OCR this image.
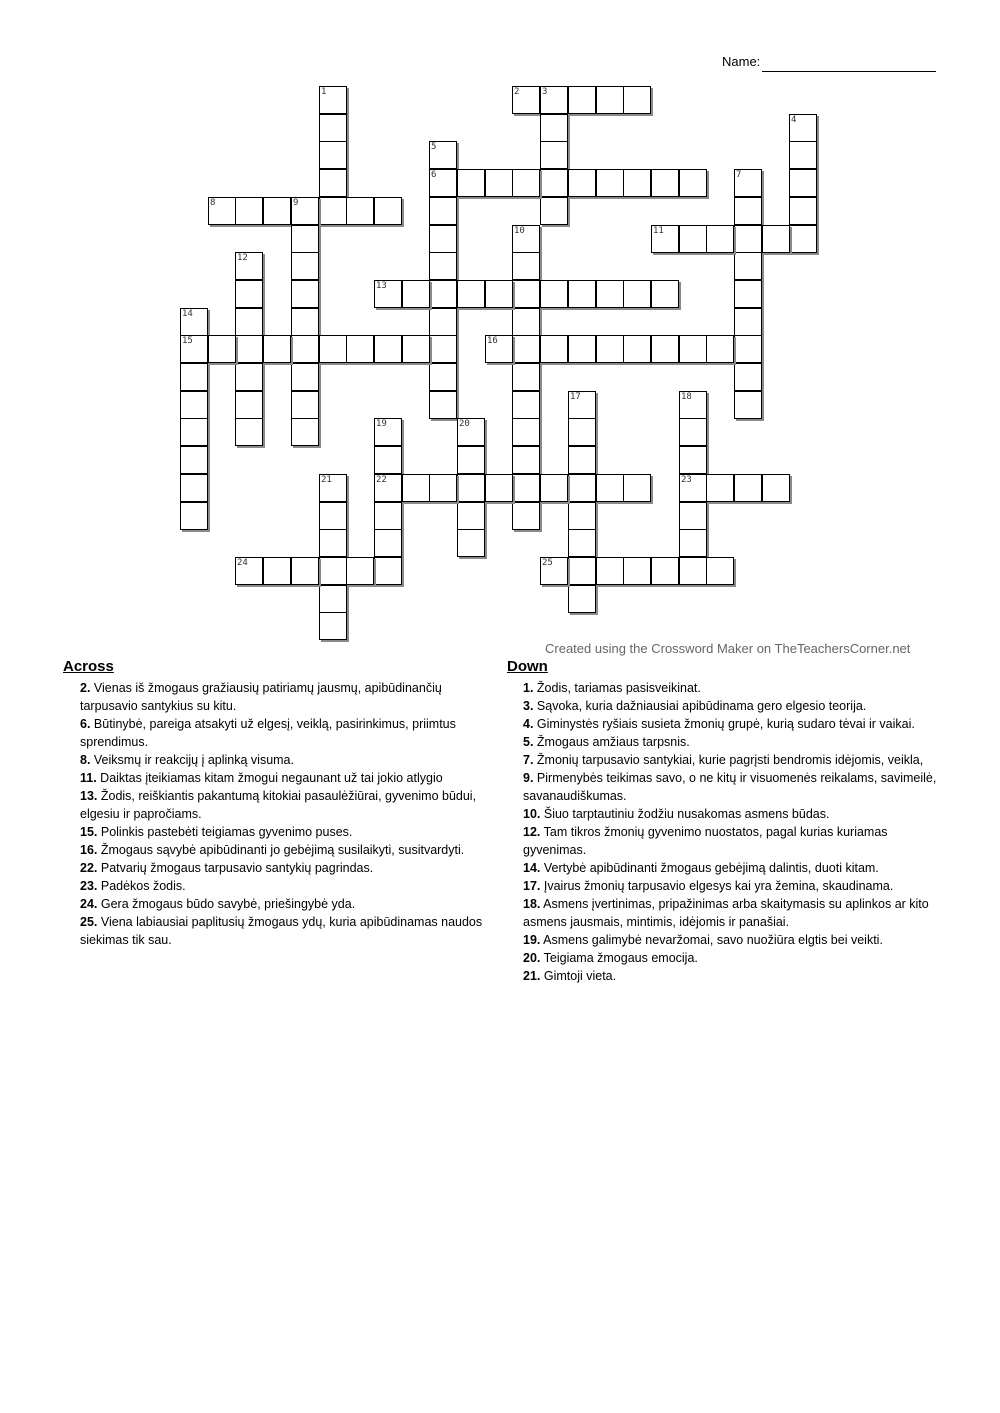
Name:
1	2	3
4
5
6	7
8	9
10	11
12
13
14
15	16
17	18
19	20
21	22	23
24	25
Created using the Crossword Maker on TheTeachersCorner.net
Across	Down

2. Vienas iš žmogaus gražiausių patiriamų jausmų, apibūdinančių tarpusavio santykius su kitu.

6. Būtinybė, pareiga atsakyti už elgesį, veiklą, pasirinkimus, priimtus sprendimus.

8. Veiksmų ir reakcijų į aplinką visuma.

11. Daiktas įteikiamas kitam žmogui negaunant už tai jokio atlygio

13. Žodis, reiškiantis pakantumą kitokiai pasaulėžiūrai, gyvenimo būdui, elgesiu ir papročiams.

15. Polinkis pastebėti teigiamas gyvenimo puses.

16. Žmogaus sąvybė apibūdinanti jo gebėjimą susilaikyti, susitvardyti.

22. Patvarių žmogaus tarpusavio santykių pagrindas.

23. Padėkos žodis.

24. Gera žmogaus būdo savybė, priešingybė yda.

25. Viena labiausiai paplitusių žmogaus ydų, kuria apibūdinamas naudos siekimas tik sau.

1. Žodis, tariamas pasisveikinat.

3. Sąvoka, kuria dažniausiai apibūdinama gero elgesio teorija.

4. Giminystės ryšiais susieta žmonių grupė, kurią sudaro tėvai ir vaikai.

5. Žmogaus amžiaus tarpsnis.

7. Žmonių tarpusavio santykiai, kurie pagrįsti bendromis idėjomis, veikla,

9. Pirmenybės teikimas savo, o ne kitų ir visuomenės reikalams, savimeilė, savanaudiškumas.

10. Šiuo tarptautiniu žodžiu nusakomas asmens būdas.

12. Tam tikros žmonių gyvenimo nuostatos, pagal kurias kuriamas gyvenimas.

14. Vertybė apibūdinanti žmogaus gebėjimą dalintis, duoti kitam.

17. Įvairus žmonių tarpusavio elgesys kai yra žemina, skaudinama.

18. Asmens įvertinimas, pripažinimas arba skaitymasis su aplinkos ar kito asmens jausmais, mintimis, idėjomis ir panašiai.

19. Asmens galimybė nevaržomai, savo nuožiūra elgtis bei veikti.

20. Teigiama žmogaus emocija.

21. Gimtoji vieta.
